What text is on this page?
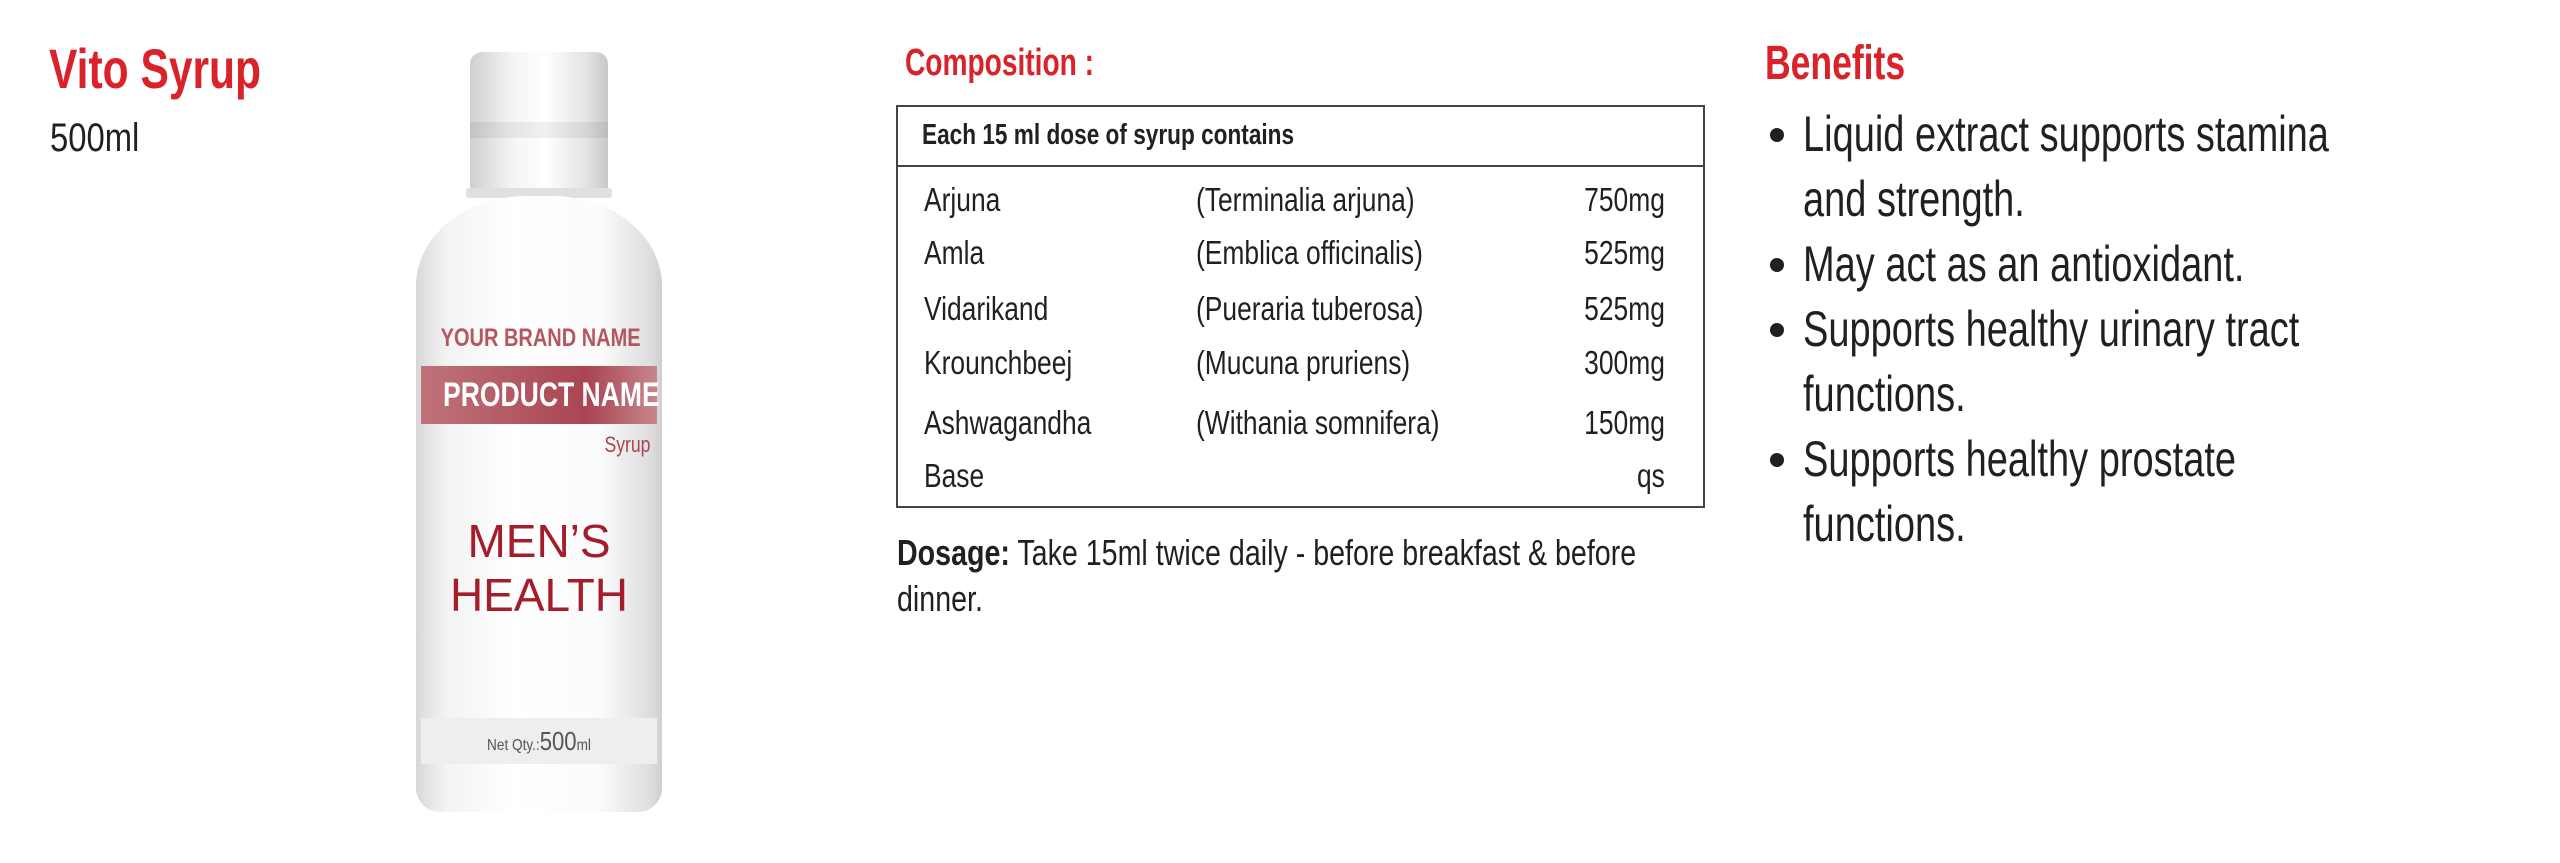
Vito Syrup
500ml
YOUR BRAND NAME
PRODUCT NAME
Syrup
MEN’S
HEALTH
Net Qty.:500ml
Composition :
Each 15 ml dose of syrup contains
Arjuna	(Terminalia arjuna)	750mg
Amla	(Emblica officinalis)	525mg
Vidarikand	(Pueraria tuberosa)	525mg
Krounchbeej	(Mucuna pruriens)	300mg
Ashwagandha	(Withania somnifera)	150mg
Base	qs
Dosage: Take 15ml twice daily - before breakfast & before dinner.
Benefits
Liquid extract supports stamina and strength.
May act as an antioxidant.
Supports healthy urinary tract functions.
Supports healthy prostate functions.
